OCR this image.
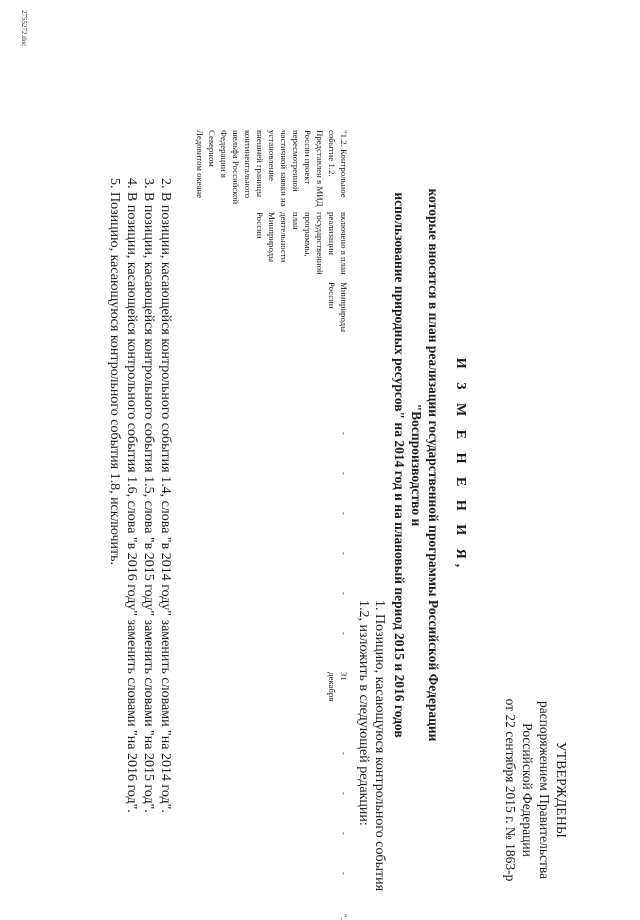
УТВЕРЖДЕНЫ
распоряжением Правительства
Российской Федерации
от 22 сентября 2015 г. № 1863-р
И З М Е Н Е Н И Я,
которые вносятся в план реализации государственной программы Российской Федерации "Воспроизводство и
использование природных ресурсов" на 2014 год и на плановый период 2015 и 2016 годов
1. Позицию, касающуюся контрольного события 1.2, изложить в следующей редакции:
"1.2. Контрольное событие 1.2. Представлен в МИД России проект пересмотренной частичной заявки на установление внешней границы континентального шельфа Российской Федерации в Северном Ледовитом океане
включено в план реализации государственной программы, план деятельности Минприроды России
Минприроды России
-
-
-
-
-
-
31 декабря
-
-
-
-
".
2. В позиции, касающейся контрольного события 1.4, слова "в 2014 году" заменить словами "на 2014 год".
3. В позиции, касающейся контрольного события 1.5, слова "в 2015 году" заменить словами "на 2015 год".
4. В позиции, касающейся контрольного события 1.6, слова "в 2016 году" заменить словами "на 2016 год".
5. Позицию, касающуюся контрольного события 1.8, исключить.
2755272.doc
